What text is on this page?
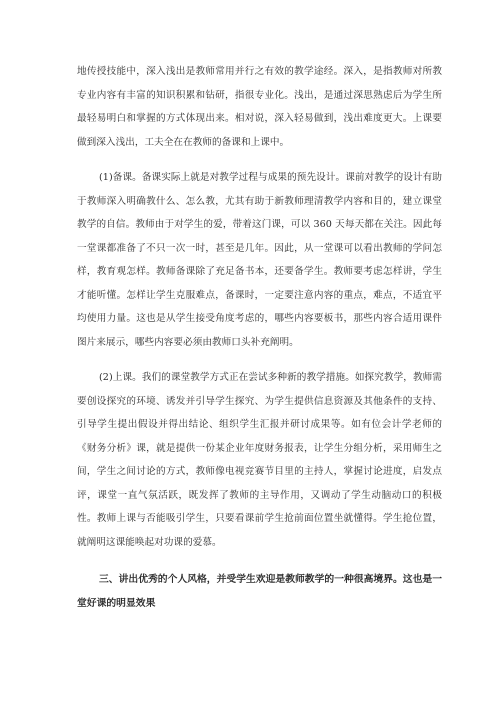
地传授技能中，深入浅出是教师常用并行之有效的教学途经。深入，是指教师对所教专业内容有丰富的知识积累和钻研，指很专业化。浅出，是通过深思熟虑后为学生所最轻易明白和掌握的方式体现出来。相对说，深入轻易做到，浅出难度更大。上课要做到深入浅出，工夫全在在教师的备课和上课中。

(1)备课。备课实际上就是对教学过程与成果的预先设计。课前对教学的设计有助于教师深入明确教什么、怎么教，尤其有助于新教师理清教学内容和目的，建立课堂教学的自信。教师由于对学生的爱，带着这门课，可以 360 天每天都在关注。因此每一堂课都准备了不只一次一时，甚至是几年。因此，从一堂课可以看出教师的学问怎样，教育观怎样。教师备课除了充足备书本，还要备学生。教师要考虑怎样讲，学生才能听懂。怎样让学生克服难点，备课时，一定要注意内容的重点，难点，不适宜平均使用力量。这也是从学生接受角度考虑的，哪些内容要板书，那些内容合适用课件图片来展示，哪些内容要必须由教师口头补充阐明。

(2)上课。我们的课堂教学方式正在尝试多种新的教学措施。如探究教学，教师需要创设探究的环境、诱发并引导学生探究、为学生提供信息资源及其他条件的支持、引导学生提出假设并得出结论、组织学生汇报并研讨成果等。如有位会计学老师的《财务分析》课，就是提供一份某企业年度财务报表，让学生分组分析，采用师生之间，学生之间讨论的方式，教师像电视竞赛节目里的主持人，掌握讨论进度，启发点评，课堂一直气氛活跃，既发挥了教师的主导作用，又调动了学生动脑动口的积极性。教师上课与否能吸引学生，只要看课前学生抢前面位置坐就懂得。学生抢位置，就阐明这课能唤起对功课的爱慕。

三、讲出优秀的个人风格，并受学生欢迎是教师教学的一种很高境界。这也是一堂好课的明显效果
